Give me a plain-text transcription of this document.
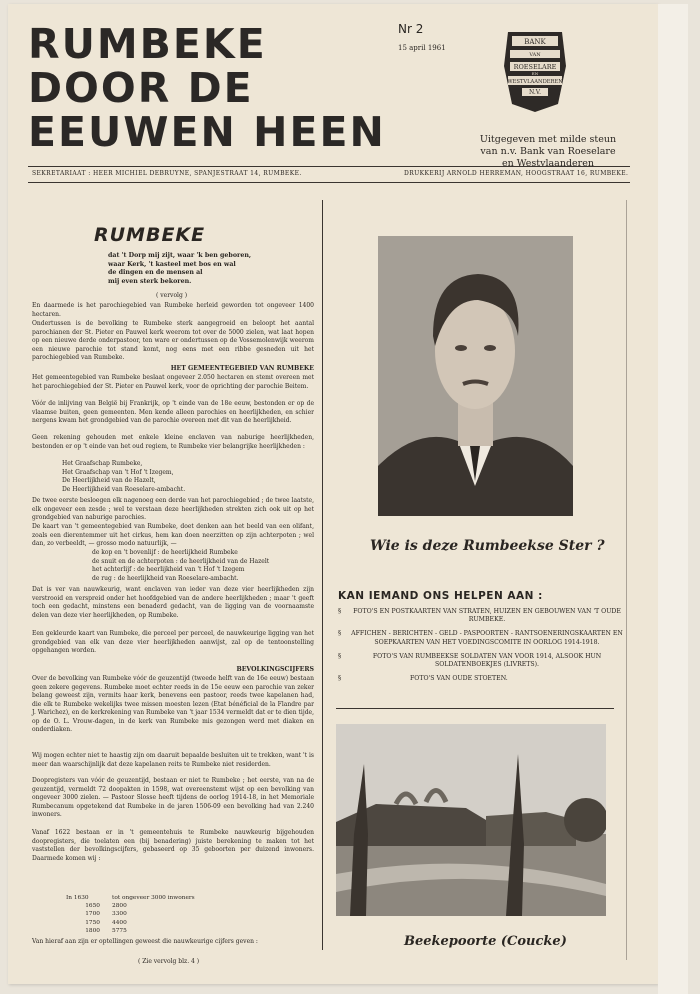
RUMBEKE
DOOR DE
EEUWEN HEEN
Nr 2
15 april 1961
BANK
VAN
ROESELARE
EN
WESTVLAANDEREN
N.V.
Uitgegeven met milde steun
van n.v. Bank van Roeselare
en Westvlaanderen
SEKRETARIAAT : HEER MICHIEL DEBRUYNE, SPANJESTRAAT 14, RUMBEKE.	DRUKKERIJ ARNOLD HERREMAN, HOOGSTRAAT 16, RUMBEKE.
RUMBEKE
dat 't Dorp mij zijt, waar 'k ben geboren,
waar Kerk, 't kasteel met bos en wal
de dingen en de mensen al
mij even sterk bekoren.
( vervolg )
En daarmede is het parochiegebied van Rumbeke herleid geworden tot ongeveer 1400 hectaren.
Ondertussen is de bevolking te Rumbeke sterk aangegroeid en beloopt het aantal parochianen der St. Pieter en Pauwel kerk weerom tot over de 5000 zielen, wat laat hopen op een nieuwe derde onderpastoor, ten ware er ondertussen op de Vossemolenwijk weerom een nieuwe parochie tot stand komt, nog eens met een ribbe gesneden uit het parochiegebied van Rumbeke.
HET GEMEENTEGEBIED VAN RUMBEKE
Het gemeentegebied van Rumbeke beslaat ongeveer 2.050 hectaren en stemt overeen met het parochiegebied der St. Pieter en Pauwel kerk, voor de oprichting der parochie Beitem.
Vóór de inlijving van België bij Frankrijk, op 't einde van de 18e eeuw, bestonden er op de vlaamse buiten, geen gemeenten. Men kende alleen parochies en heerlijkheden, en schier nergens kwam het grondgebied van de parochie overeen met dit van de heerlijkheid.
Geen rekening gehouden met enkele kleine enclaven van naburige heerlijkheden, bestonden er op 't einde van het oud regiem, te Rumbeke vier belangrijke heerlijkheden :
Het Graafschap Rumbeke,
Het Graafschap van 't Hof 't Izegem,
De Heerlijkheid van de Hazelt,
De Heerlijkheid van Roeselare-ambacht.
De twee eerste besloegen elk nagenoeg een derde van het parochiegebied ; de twee laatste, elk ongeveer een zesde ; wel te verstaan deze heerlijkheden strekten zich ook uit op het grondgebied van naburige parochies.
De kaart van 't gemeentegebied van Rumbeke, doet denken aan het beeld van een olifant, zoals een dierentemmer uit het cirkus, hem kan doen neerzitten op zijn achterpoten ; wel dan, zo verbeeldt, — grosso modo natuurlijk, —
de kop en 't bovenlijf : de heerlijkheid Rumbeke
de snuit en de achterpoten : de heerlijkheid van de Hazelt
het achterlijf : de heerlijkheid van 't Hof 't Izegem
de rug : de heerlijkheid van Roeselare-ambacht.
Dat is ver van nauwkeurig, want enclaven van ieder van deze vier heerlijkheden zijn verstrooid en verspreid onder het hoofdgebied van de andere heerlijkheden ; maar 't geeft toch een gedacht, minstens een benaderd gedacht, van de ligging van de voornaamste delen van deze vier heerlijkheden, op Rumbeke.
Een gekleurde kaart van Rumbeke, die perceel per perceel, de nauwkeurige ligging van het grondgebied van elk van deze vier heerlijkheden aanwijst, zal op de tentoonstelling opgehangen worden.
BEVOLKINGSCIJFERS
Over de bevolking van Rumbeke vóór de geuzentijd (tweede helft van de 16e eeuw) bestaan geen zekere gegevens. Rumbeke moet echter reeds in de 15e eeuw een parochie van zeker belang geweest zijn, vermits haar kerk, benevens een pastoor, reeds twee kapelanen had, die elk te Rumbeke wekelijks twee missen moesten lezen (Etat bénéficial de la Flandre par J. Warichez), en de kerkrekening van Rumbeke van 't jaar 1534 vermeldt dat er te dien tijde, op de O. L. Vrouw-dagen, in de kerk van Rumbeke mis gezongen werd met diaken en onderdiaken.
Wij mogen echter niet te haastig zijn om daaruit bepaalde besluiten uit te trekken, want 't is meer dan waarschijnlijk dat deze kapelanen reits te Rumbeke niet residerden.
Doopregisters van vóór de geuzentijd, bestaan er niet te Rumbeke ; het eerste, van na de geuzentijd, vermeldt 72 doopakten in 1598, wat overeenstemt wijst op een bevolking van ongeveer 3000 zielen. — Pastoor Slosse heeft tijdens de oorlog 1914-18, in het Memoriale Rumbecanum opgetekend dat Rumbeke in de jaren 1506-09 een bevolking had van 2.240 inwoners.
Vanaf 1622 bestaan er in 't gemeentehuis te Rumbeke nauwkeurig bijgehouden doopregisters, die toelaten een (bij benadering) juiste berekening te maken tot het vaststellen der bevolkingscijfers, gebaseerd op 35 geboorten per duizend inwoners. Daarmede komen wij :
In 1630	tot ongeveer 3000 inwoners
1650 2800
1700 3300
1750 4400
1800 5775
Van hieraf aan zijn er optellingen geweest die nauwkeurige cijfers geven :
( Zie vervolg blz. 4 )
Wie is deze Rumbeekse Ster ?
KAN IEMAND ONS HELPEN AAN :
§	FOTO'S EN POSTKAARTEN VAN STRATEN, HUIZEN EN GEBOUWEN VAN 'T OUDE RUMBEKE.
§	AFFICHEN - BERICHTEN - GELD - PASPOORTEN - RANTSOENERINGSKAARTEN EN SOEPKAARTEN VAN HET VOEDINGSCOMITE IN OORLOG 1914-1918.
§	FOTO'S VAN RUMBEEKSE SOLDATEN VAN VOOR 1914, ALSOOK HUN SOLDATENBOEKJES (LIVRETS).
§	FOTO'S VAN OUDE STOETEN.
Beekepoorte (Coucke)
